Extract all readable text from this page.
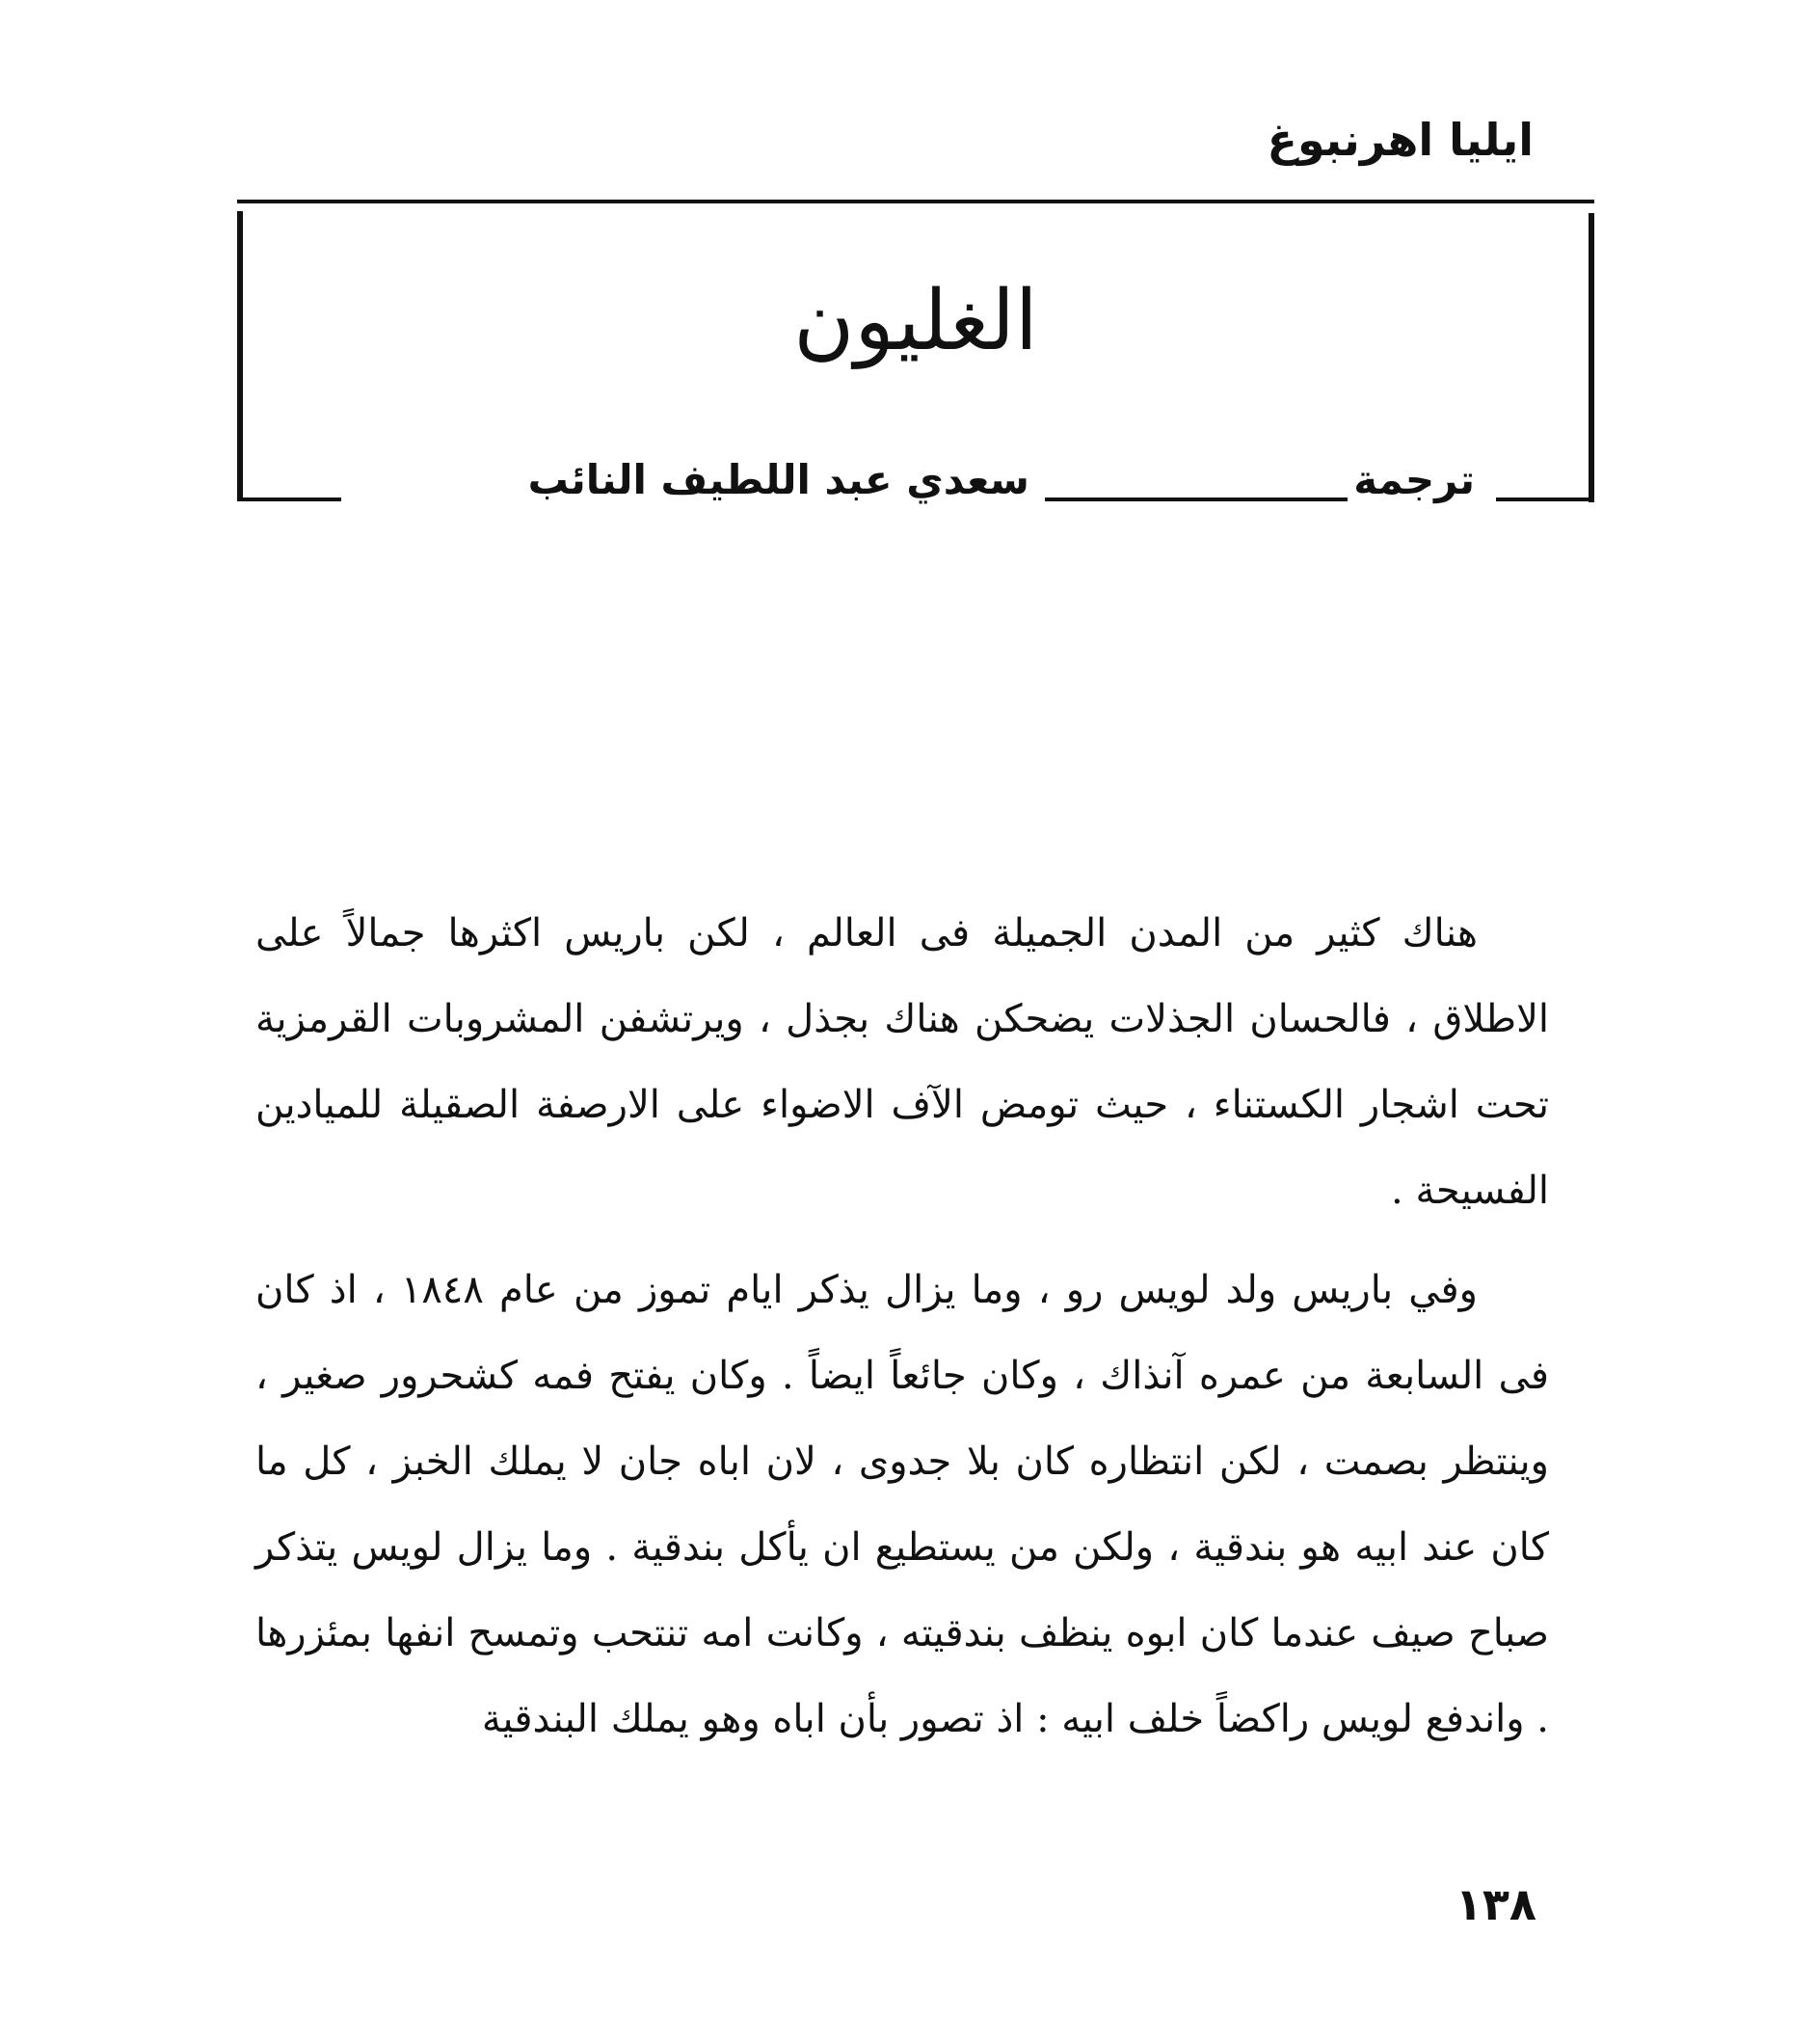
ايليا اهرنبوغ
الغليون
ترجمة
سعدي عبد اللطيف النائب

هناك كثير من المدن الجميلة فى العالم ، لكن باريس اكثرها جمالاً على الاطلاق ، فالحسان الجذلات يضحكن هناك بجذل ، ويرتشفن المشروبات القرمزية تحت اشجار الكستناء ، حيث تومض الآف الاضواء على الارصفة الصقيلة للميادين الفسيحة .

وفي باريس ولد لويس رو ، وما يزال يذكر ايام تموز من عام ١٨٤٨ ، اذ كان فى السابعة من عمره آنذاك ، وكان جائعاً ايضاً . وكان يفتح فمه كشحرور صغير ، وينتظر بصمت ، لكن انتظاره كان بلا جدوى ، لان اباه جان لا يملك الخبز ، كل ما كان عند ابيه هو بندقية ، ولكن من يستطيع ان يأكل بندقية . وما يزال لويس يتذكر صباح صيف عندما كان ابوه ينظف بندقيته ، وكانت امه تنتحب وتمسح انفها بمئزرها . واندفع لويس راكضاً خلف ابيه : اذ تصور بأن اباه وهو يملك البندقية

١٣٨
